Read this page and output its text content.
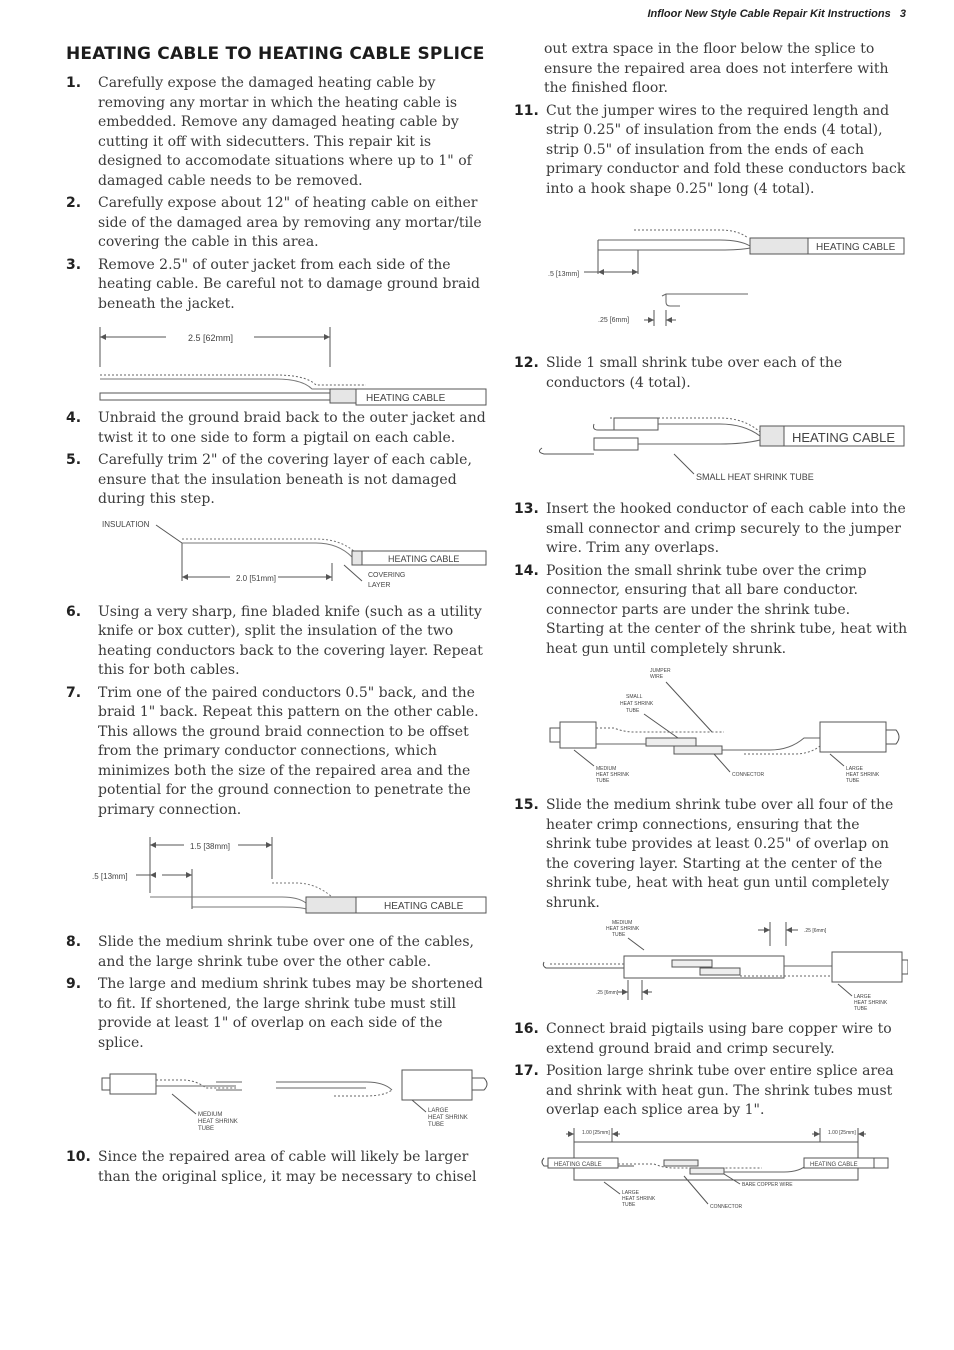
Infloor New Style Cable Repair Kit Instructions 3
HEATING CABLE TO HEATING CABLE SPLICE
1.	Carefully expose the damaged heating cable by removing any mortar in which the heating cable is embedded. Remove any damaged heating cable by cutting it off with sidecutters. This repair kit is designed to accomodate situations where up to 1" of damaged cable needs to be removed.
2.	Carefully expose about 12" of heating cable on either side of the damaged area by removing any mortar/tile covering the cable in this area.
3.	Remove 2.5" of outer jacket from each side of the heating cable. Be careful not to damage ground braid beneath the jacket.
2.5 [62mm]
HEATING CABLE
4.	Unbraid the ground braid back to the outer jacket and twist it to one side to form a pigtail on each cable.
5.	Carefully trim 2" of the covering layer of each cable, ensure that the insulation beneath is not damaged during this step.
INSULATION
HEATING CABLE
2.0 [51mm]	COVERING
LAYER
6.	Using a very sharp, fine bladed knife (such as a utility knife or box cutter), split the insulation of the two heating conductors back to the covering layer. Repeat this for both cables.
7.	Trim one of the paired conductors 0.5" back, and the braid 1" back. Repeat this pattern on the other cable. This allows the ground braid connection to be offset from the primary conductor connections, which minimizes both the size of the repaired area and the potential for the ground connection to penetrate the primary connection.
1.5 [38mm]
.5 [13mm]
HEATING CABLE
8.	Slide the medium shrink tube over one of the cables, and the large shrink tube over the other cable.
9.	The large and medium shrink tubes may be shortened to fit. If shortened, the large shrink tube must still provide at least 1" of overlap on each side of the splice.
MEDIUM
HEAT SHRINK
TUBE
LARGE
HEAT SHRINK
TUBE
10. Since the repaired area of cable will likely be larger than the original splice, it may be necessary to chisel
out extra space in the floor below the splice to ensure the repaired area does not interfere with the finished floor.
11. Cut the jumper wires to the required length and strip 0.25" of insulation from the ends (4 total), strip 0.5" of insulation from the ends of each primary conductor and fold these conductors back into a hook shape 0.25" long (4 total).
HEATING CABLE
.5 [13mm]
.25 [6mm]
12. Slide 1 small shrink tube over each of the conductors (4 total).
HEATING CABLE
SMALL HEAT SHRINK TUBE
13. Insert the hooked conductor of each cable into the small connector and crimp securely to the jumper wire. Trim any overlaps.
14. Position the small shrink tube over the crimp connector, ensuring that all bare conductor. connector parts are under the shrink tube. Starting at the center of the shrink tube, heat with heat gun until completely shrunk.
JUMPER
WIRE
SMALL
HEAT SHRINK
TUBE
MEDIUM
HEAT SHRINK
TUBE
CONNECTOR
LARGE
HEAT SHRINK
TUBE
15. Slide the medium shrink tube over all four of the heater crimp connections, ensuring that the shrink tube provides at least 0.25" of overlap on the covering layer. Starting at the center of the shrink tube, heat with heat gun until completely shrunk.
MEDIUM
HEAT SHRINK
TUBE
.25 [6mm]
.25 [6mm]
LARGE
HEAT SHRINK
TUBE
16. Connect braid pigtails using bare copper wire to extend ground braid and crimp securely.
17. Position large shrink tube over entire splice area and shrink with heat gun. The shrink tubes must overlap each splice area by 1".
1.00 [25mm]	1.00 [25mm]
HEATING CABLE	HEATING CABLE
BARE COPPER WIRE
LARGE
HEAT SHRINK
TUBE	CONNECTOR
